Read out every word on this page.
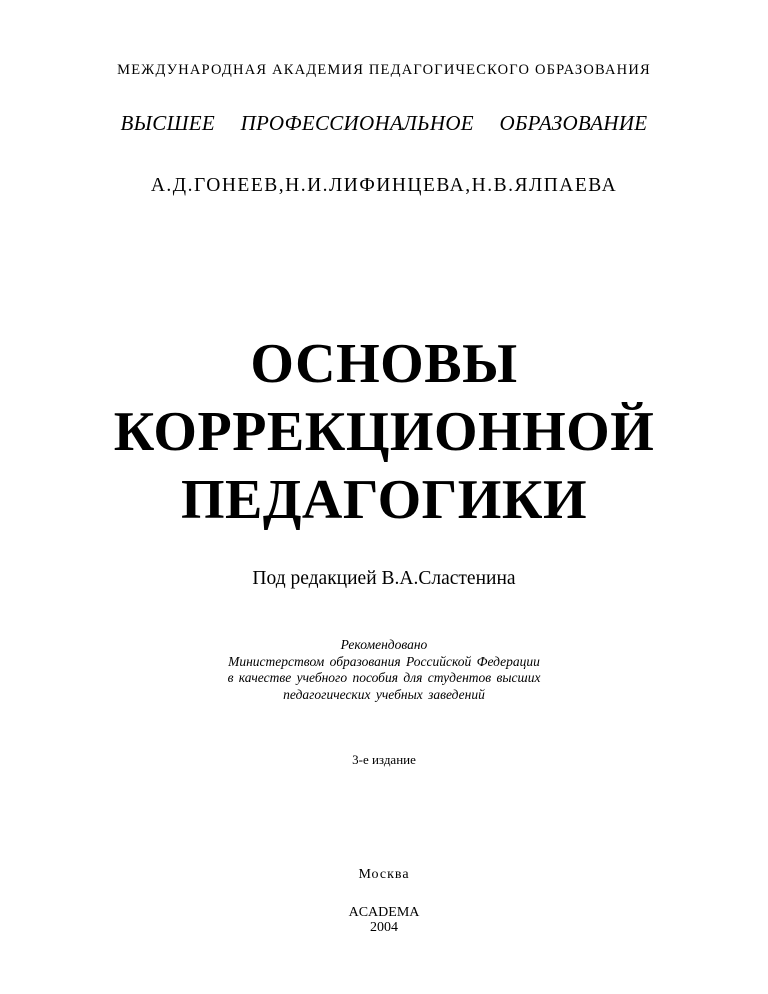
МЕЖДУНАРОДНАЯ АКАДЕМИЯ ПЕДАГОГИЧЕСКОГО ОБРАЗОВАНИЯ
ВЫСШЕЕ ПРОФЕССИОНАЛЬНОЕ ОБРАЗОВАНИЕ
А.Д.ГОНЕЕВ,Н.И.ЛИФИНЦЕВА,Н.В.ЯЛПАЕВА
ОСНОВЫ
КОРРЕКЦИОННОЙ
ПЕДАГОГИКИ
Под редакцией В.А.Сластенина
Рекомендовано
Министерством образования Российской Федерации
в качестве учебного пособия для студентов высших
педагогических учебных заведений
3-е издание
Москва
ACADEMA
2004
